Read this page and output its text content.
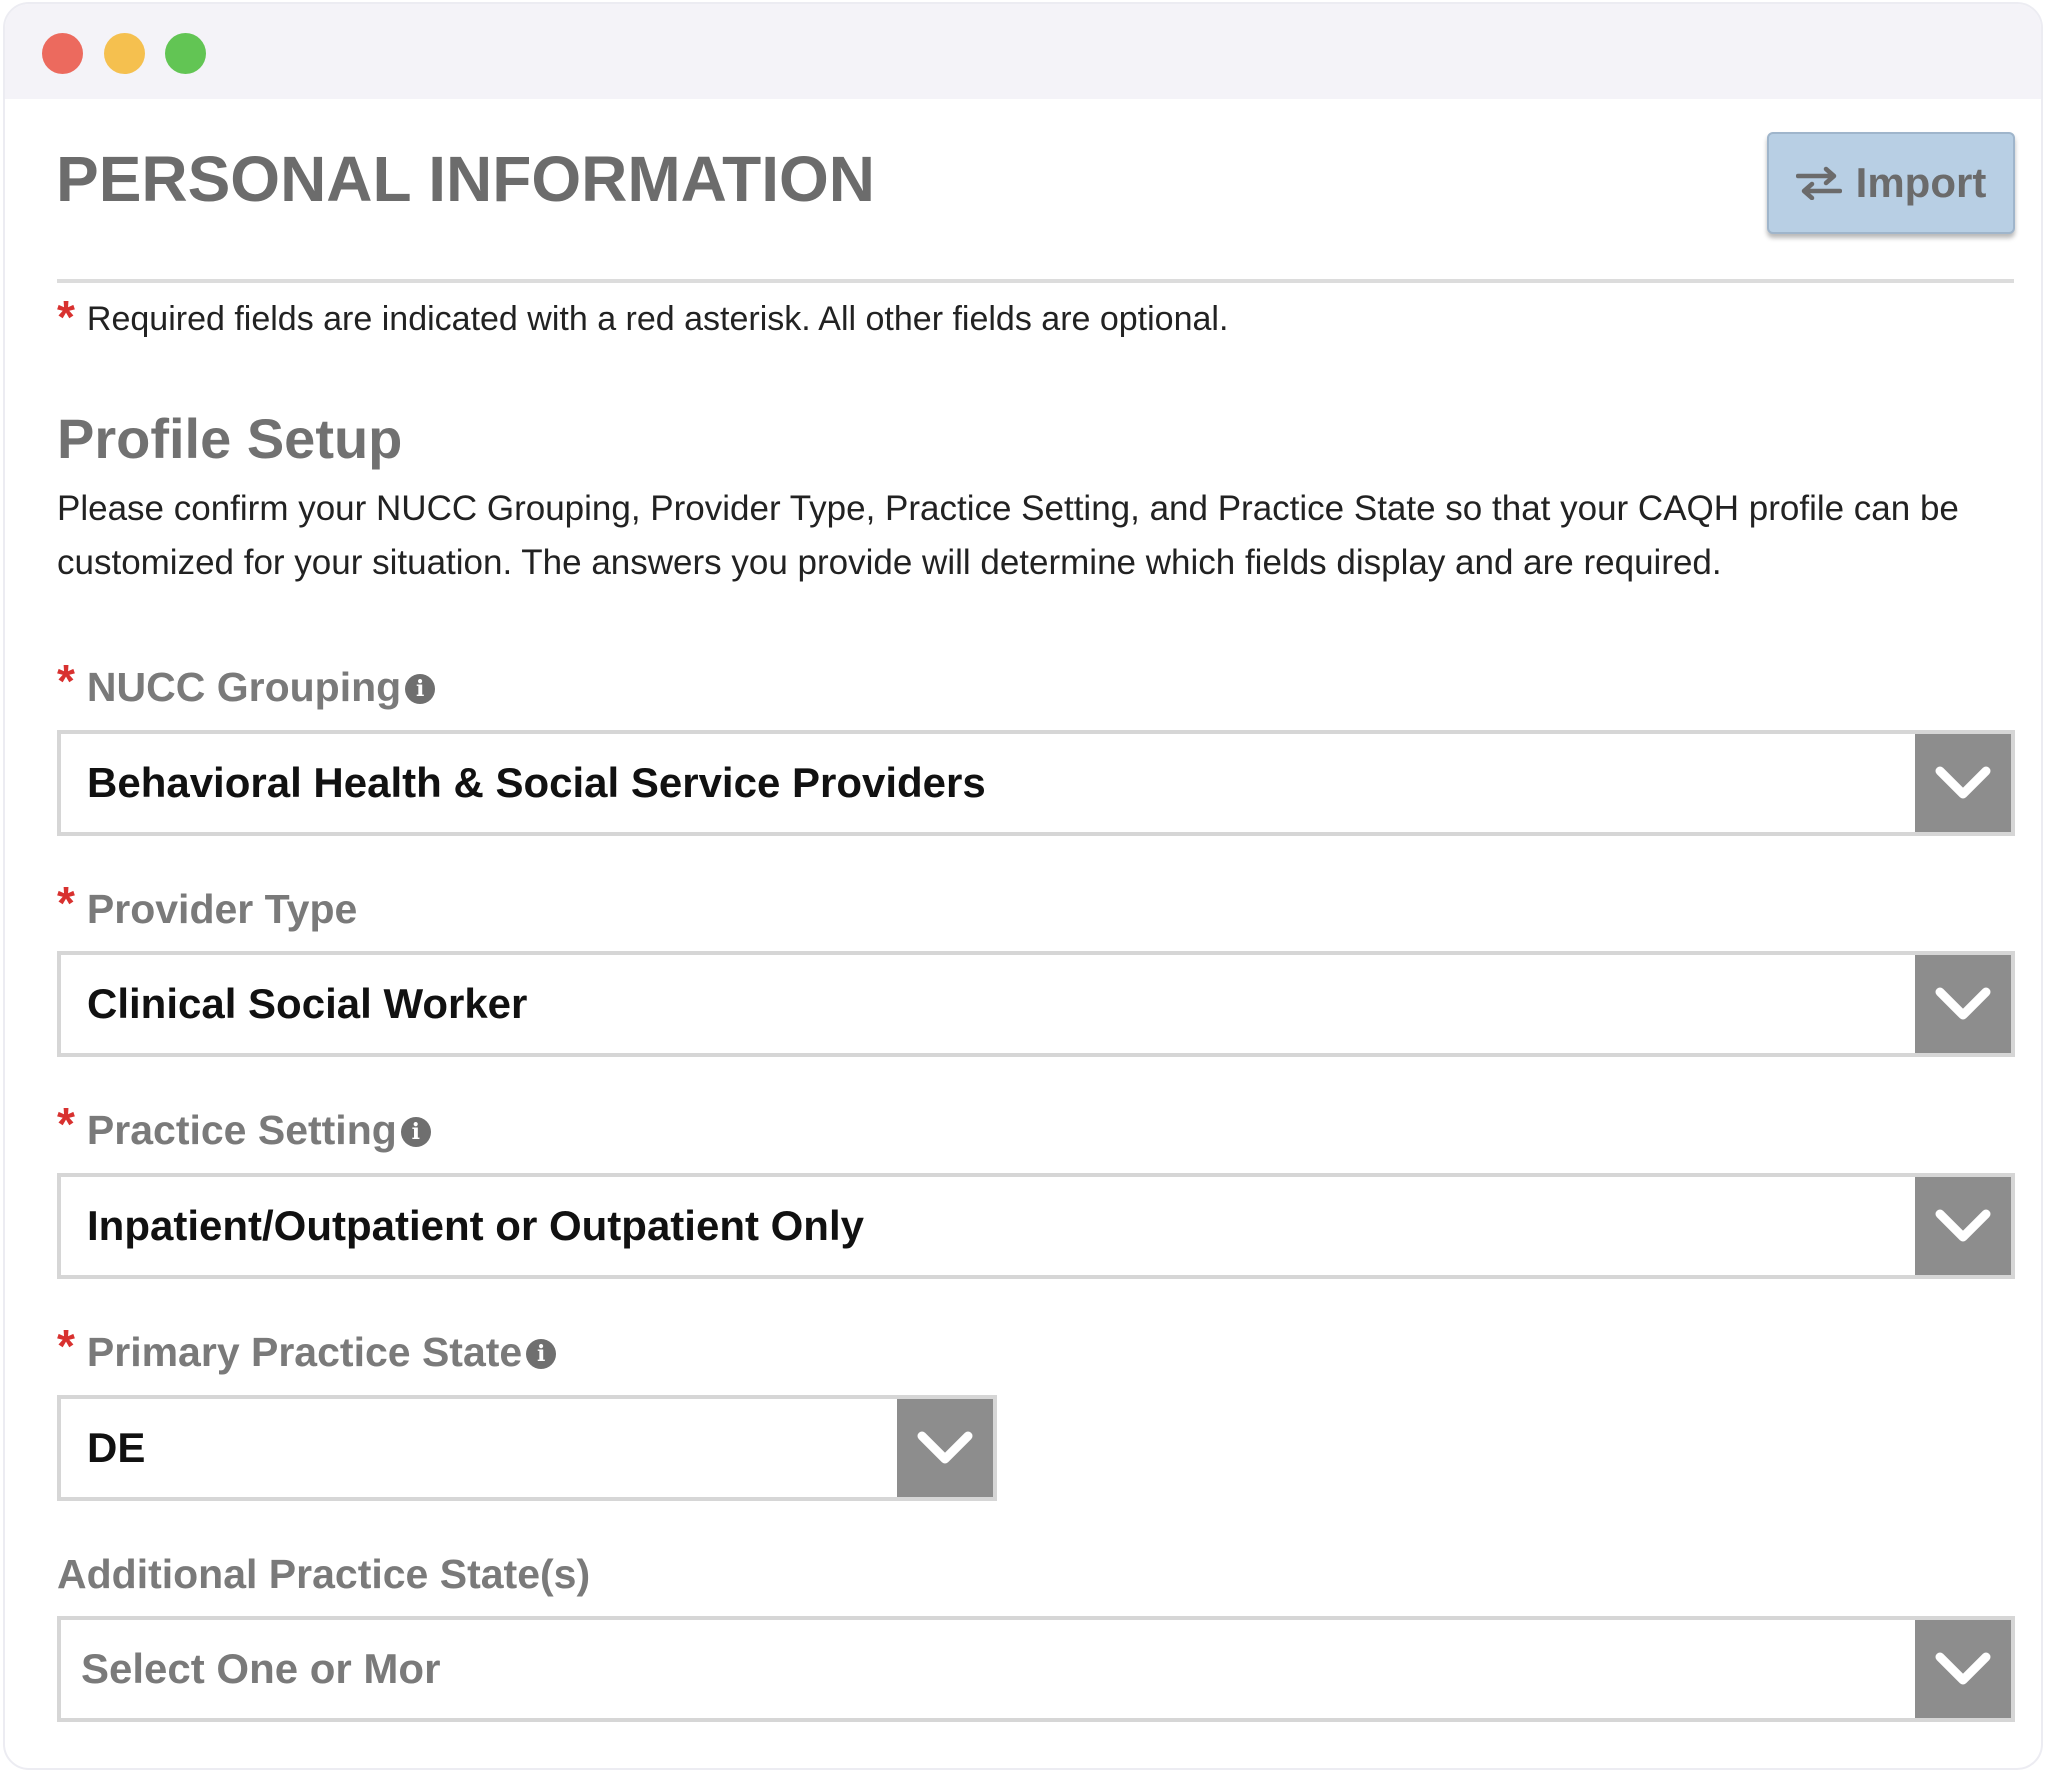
PERSONAL INFORMATION	Import
* Required fields are indicated with a red asterisk. All other fields are optional.
Profile Setup

Please confirm your NUCC Grouping, Provider Type, Practice Setting, and Practice State so that your CAQH profile can be customized for your situation. The answers you provide will determine which fields display and are required.

* NUCC Grouping i
Behavioral Health & Social Service Providers
* Provider Type
Clinical Social Worker
* Practice Setting i
Inpatient/Outpatient or Outpatient Only
* Primary Practice State i
DE
Additional Practice State(s)
Select One or Mor
